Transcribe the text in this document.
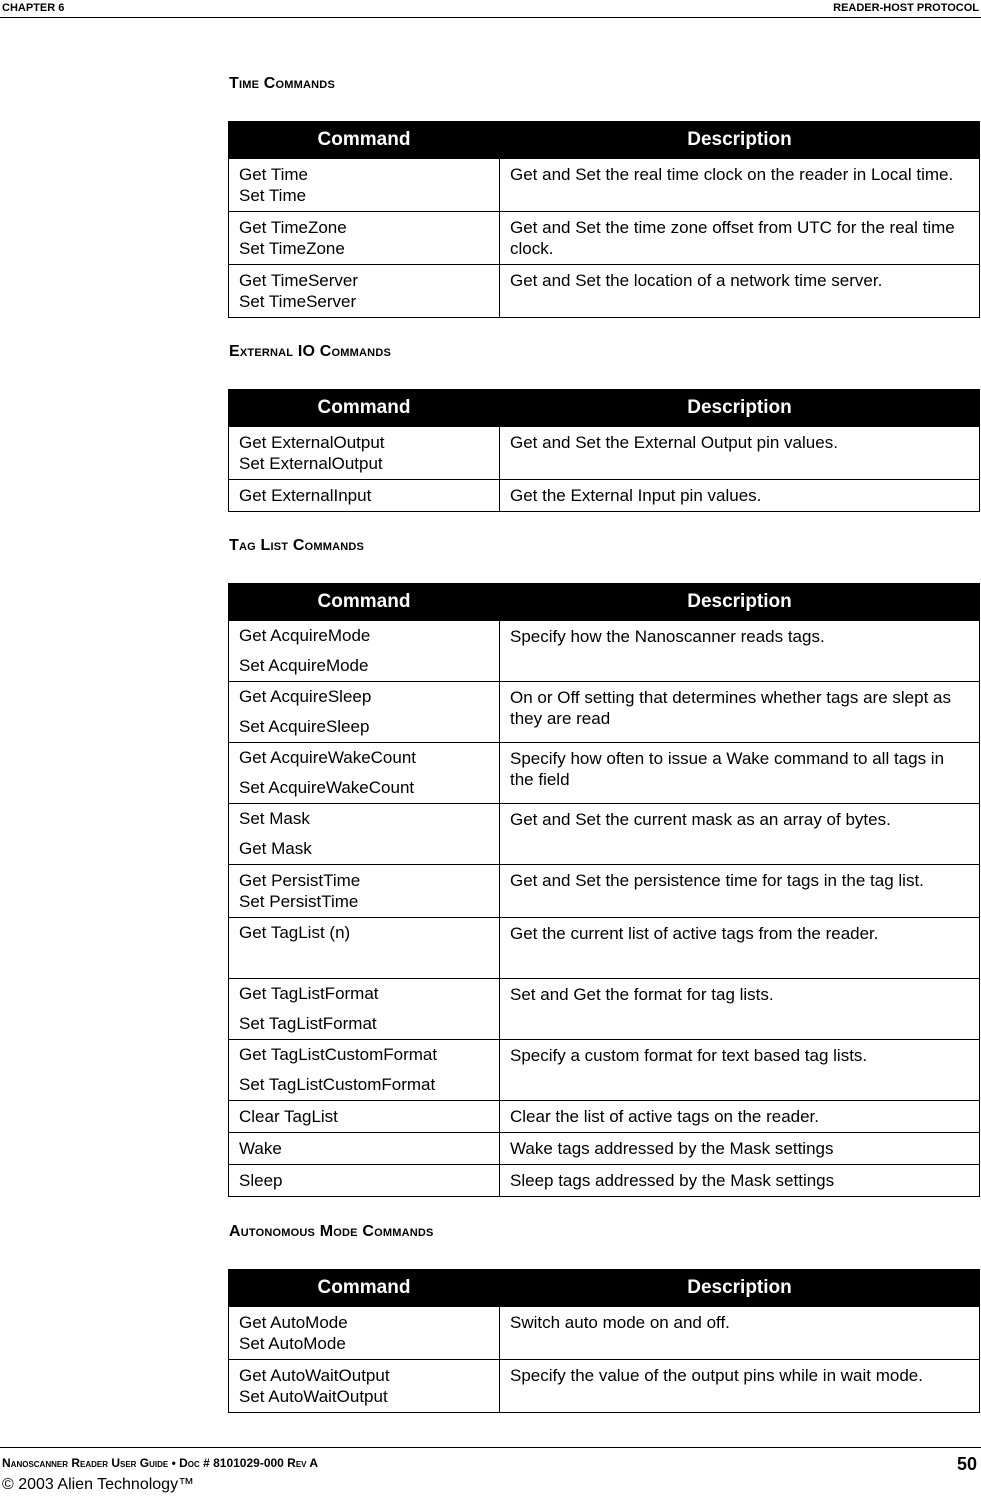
CHAPTER 6	READER-HOST PROTOCOL
Time Commands
Command	Description

Get Time
Set Time	Get and Set the real time clock on the reader in Local time.

Get TimeZone
Set TimeZone	Get and Set the time zone offset from UTC for the real time clock.

Get TimeServer
Set TimeServer	Get and Set the location of a network time server.
External IO Commands
Command	Description

Get ExternalOutput
Set ExternalOutput	Get and Set the External Output pin values.

Get ExternalInput	Get the External Input pin values.
Tag List Commands
Command	Description

Get AcquireMode
Set AcquireMode	Specify how the Nanoscanner reads tags.

Get AcquireSleep
Set AcquireSleep	On or Off setting that determines whether tags are slept as they are read

Get AcquireWakeCount
Set AcquireWakeCount	Specify how often to issue a Wake command to all tags in the field

Set Mask
Get Mask	Get and Set the current mask as an array of bytes.

Get PersistTime
Set PersistTime	Get and Set the persistence time for tags in the tag list.

Get TagList (n)	Get the current list of active tags from the reader.

Get TagListFormat
Set TagListFormat	Set and Get the format for tag lists.

Get TagListCustomFormat
Set TagListCustomFormat	Specify a custom format for text based tag lists.

Clear TagList	Clear the list of active tags on the reader.

Wake	Wake tags addressed by the Mask settings

Sleep	Sleep tags addressed by the Mask settings
Autonomous Mode Commands
Command	Description

Get AutoMode
Set AutoMode	Switch auto mode on and off.

Get AutoWaitOutput
Set AutoWaitOutput	Specify the value of the output pins while in wait mode.
Nanoscanner Reader User Guide • Doc # 8101029-000 Rev A
© 2003 Alien Technology™
50
